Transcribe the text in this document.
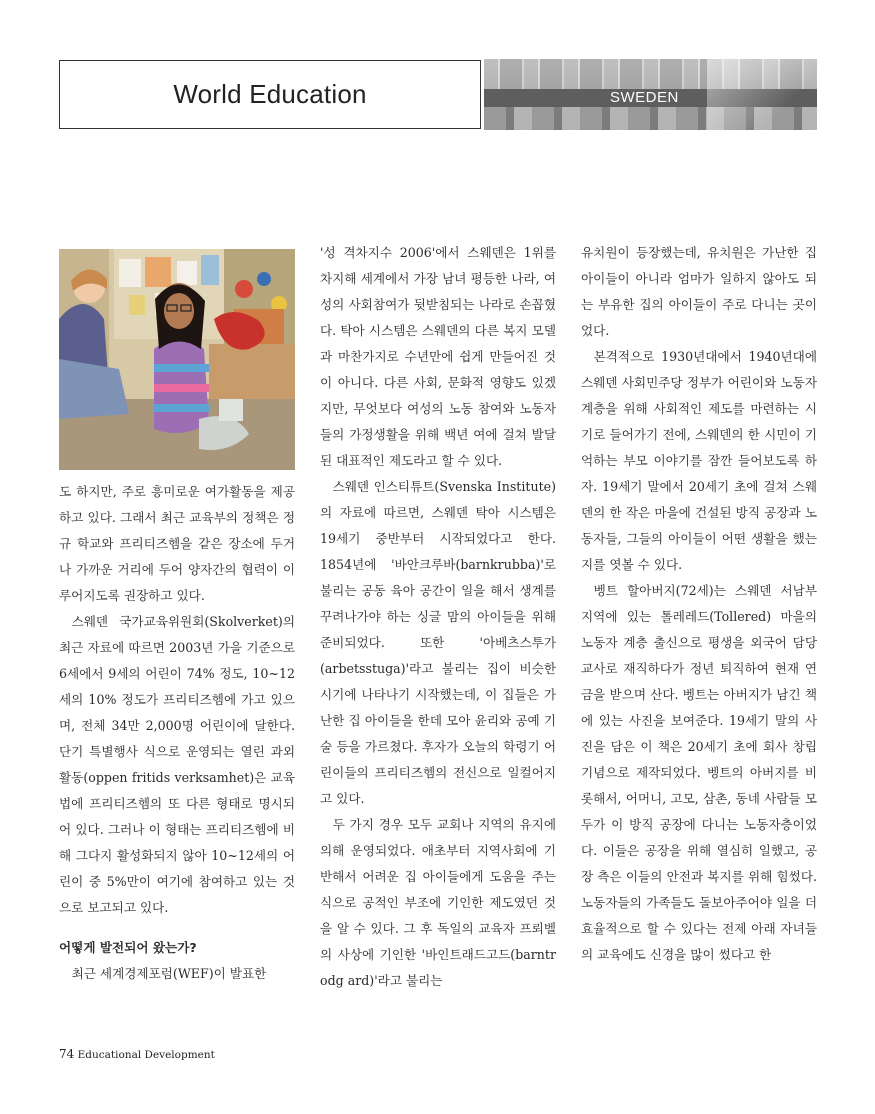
World Education	SWEDEN

도 하지만, 주로 흥미로운 여가활동을 제공하고 있다. 그래서 최근 교육부의 정책은 정규 학교와 프리티즈헴을 같은 장소에 두거나 가까운 거리에 두어 양자간의 협력이 이루어지도록 권장하고 있다.

스웨덴 국가교육위원회(Skolverket)의 최근 자료에 따르면 2003년 가을 기준으로 6세에서 9세의 어린이 74% 정도, 10~12세의 10% 정도가 프리티즈헴에 가고 있으며, 전체 34만 2,000명 어린이에 달한다. 단기 특별행사 식으로 운영되는 열린 과외활동(oppen fritids verksamhet)은 교육법에 프리티즈헴의 또 다른 형태로 명시되어 있다. 그러나 이 형태는 프리티즈헴에 비해 그다지 활성화되지 않아 10~12세의 어린이 중 5%만이 여기에 참여하고 있는 것으로 보고되고 있다.

어떻게 발전되어 왔는가?

최근 세계경제포럼(WEF)이 발표한

'성 격차지수 2006'에서 스웨덴은 1위를 차지해 세계에서 가장 남녀 평등한 나라, 여성의 사회참여가 뒷받침되는 나라로 손꼽혔다. 탁아 시스템은 스웨덴의 다른 복지 모델과 마찬가지로 수년만에 쉽게 만들어진 것이 아니다. 다른 사회, 문화적 영향도 있겠지만, 무엇보다 여성의 노동 참여와 노동자들의 가정생활을 위해 백년 여에 걸쳐 발달된 대표적인 제도라고 할 수 있다.

스웨덴 인스티튜트(Svenska Institute)의 자료에 따르면, 스웨덴 탁아 시스템은 19세기 중반부터 시작되었다고 한다. 1854년에 '바안크루바(barnkrubba)'로 불리는 공동 육아 공간이 일을 해서 생계를 꾸려나가야 하는 싱글 맘의 아이들을 위해 준비되었다. 또한 '아베츠스투가(arbetsstuga)'라고 불리는 집이 비슷한 시기에 나타나기 시작했는데, 이 집들은 가난한 집 아이들을 한데 모아 윤리와 공예 기술 등을 가르쳤다. 후자가 오늘의 학령기 어린이들의 프리티즈헴의 전신으로 일컬어지고 있다.

두 가지 경우 모두 교회나 지역의 유지에 의해 운영되었다. 애초부터 지역사회에 기반해서 어려운 집 아이들에게 도움을 주는 식으로 공적인 부조에 기인한 제도였던 것을 알 수 있다. 그 후 독일의 교육자 프뢰벨의 사상에 기인한 '바인트래드고드(barntr odg ard)'라고 불리는

유치원이 등장했는데, 유치원은 가난한 집 아이들이 아니라 엄마가 일하지 않아도 되는 부유한 집의 아이들이 주로 다니는 곳이었다.

본격적으로 1930년대에서 1940년대에 스웨덴 사회민주당 정부가 어린이와 노동자 계층을 위해 사회적인 제도를 마련하는 시기로 들어가기 전에, 스웨덴의 한 시민이 기억하는 부모 이야기를 잠깐 들어보도록 하자. 19세기 말에서 20세기 초에 걸쳐 스웨덴의 한 작은 마을에 건설된 방직 공장과 노동자들, 그들의 아이들이 어떤 생활을 했는지를 엿볼 수 있다.

벵트 할아버지(72세)는 스웨덴 서남부 지역에 있는 톨레레드(Tollered) 마을의 노동자 계층 출신으로 평생을 외국어 담당 교사로 재직하다가 정년 퇴직하여 현재 연금을 받으며 산다. 벵트는 아버지가 남긴 책에 있는 사진을 보여준다. 19세기 말의 사진을 담은 이 책은 20세기 초에 회사 창립 기념으로 제작되었다. 벵트의 아버지를 비롯해서, 어머니, 고모, 삼촌, 동네 사람들 모두가 이 방직 공장에 다니는 노동자층이었다. 이들은 공장을 위해 열심히 일했고, 공장 측은 이들의 안전과 복지를 위해 힘썼다. 노동자들의 가족들도 돌보아주어야 일을 더 효율적으로 할 수 있다는 전제 아래 자녀들의 교육에도 신경을 많이 썼다고 한

74 Educational Development
